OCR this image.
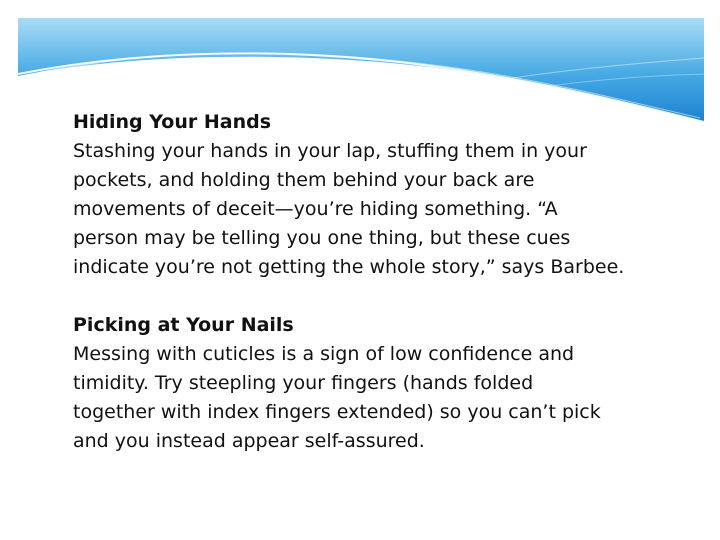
Hiding Your Hands
Stashing your hands in your lap, stuffing them in your
pockets, and holding them behind your back are
movements of deceit—you’re hiding something. “A
person may be telling you one thing, but these cues
indicate you’re not getting the whole story,” says Barbee.
Picking at Your Nails
Messing with cuticles is a sign of low confidence and
timidity. Try steepling your fingers (hands folded
together with index fingers extended) so you can’t pick
and you instead appear self-assured.
